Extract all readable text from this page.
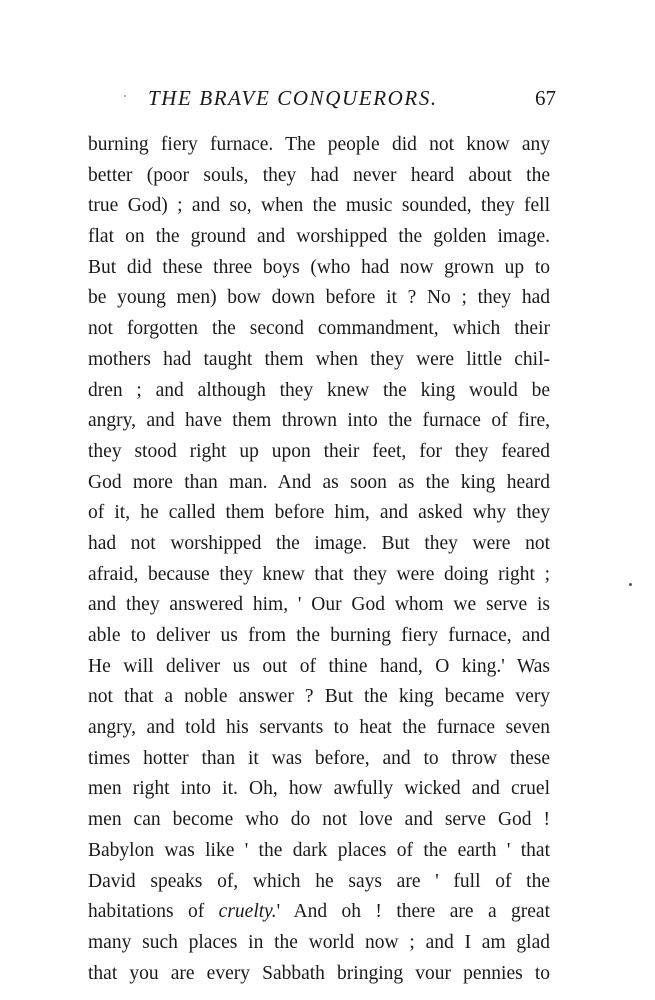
THE BRAVE CONQUERORS.	67
burning fiery furnace. The people did not know any
better (poor souls, they had never heard about the
true God) ; and so, when the music sounded, they fell
flat on the ground and worshipped the golden image.
But did these three boys (who had now grown up to
be young men) bow down before it ? No ; they had
not forgotten the second commandment, which their
mothers had taught them when they were little chil-
dren ; and although they knew the king would be
angry, and have them thrown into the furnace of fire,
they stood right up upon their feet, for they feared
God more than man. And as soon as the king heard
of it, he called them before him, and asked why they
had not worshipped the image. But they were not
afraid, because they knew that they were doing right ;
and they answered him, ' Our God whom we serve is
able to deliver us from the burning fiery furnace, and
He will deliver us out of thine hand, O king.' Was
not that a noble answer ? But the king became very
angry, and told his servants to heat the furnace seven
times hotter than it was before, and to throw these
men right into it. Oh, how awfully wicked and cruel
men can become who do not love and serve God !
Babylon was like ' the dark places of the earth ' that
David speaks of, which he says are ' full of the
habitations of cruelty.' And oh ! there are a great
many such places in the world now ; and I am glad
that you are every Sabbath bringing vour pennies to
